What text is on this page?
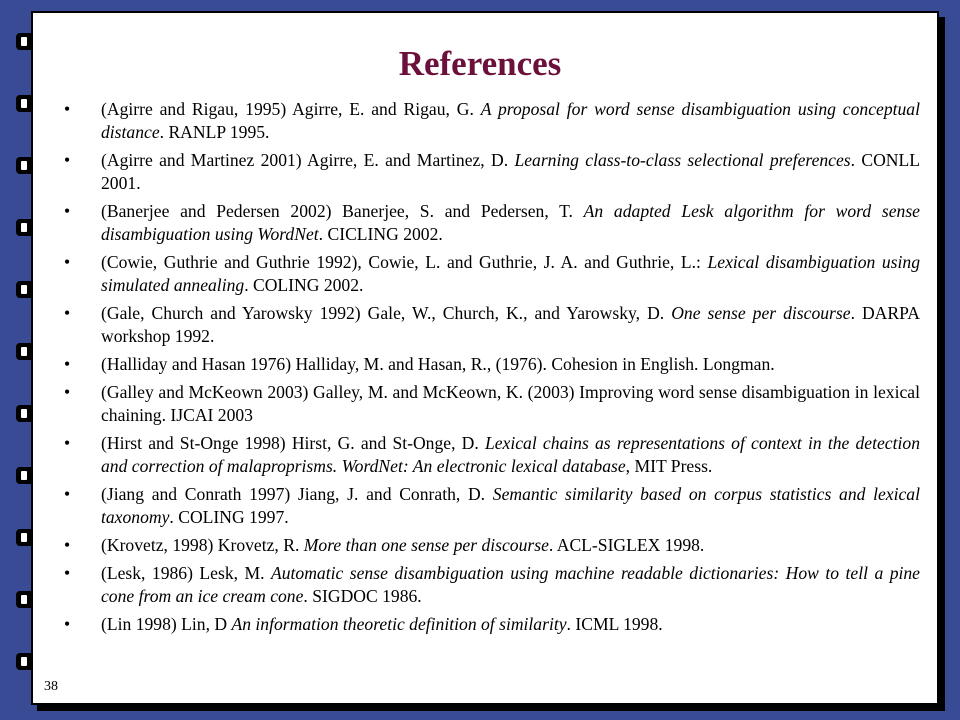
References
• (Agirre and Rigau, 1995) Agirre, E. and Rigau, G. A proposal for word sense disambiguation using conceptual distance. RANLP 1995.
• (Agirre and Martinez 2001) Agirre, E. and Martinez, D. Learning class-to-class selectional preferences. CONLL 2001.
• (Banerjee and Pedersen 2002) Banerjee, S. and Pedersen, T. An adapted Lesk algorithm for word sense disambiguation using WordNet. CICLING 2002.
• (Cowie, Guthrie and Guthrie 1992), Cowie, L. and Guthrie, J. A. and Guthrie, L.: Lexical disambiguation using simulated annealing. COLING 2002.
• (Gale, Church and Yarowsky 1992) Gale, W., Church, K., and Yarowsky, D. One sense per discourse. DARPA workshop 1992.
• (Halliday and Hasan 1976) Halliday, M. and Hasan, R., (1976). Cohesion in English. Longman.
• (Galley and McKeown 2003) Galley, M. and McKeown, K. (2003) Improving word sense disambiguation in lexical chaining. IJCAI 2003
• (Hirst and St-Onge 1998) Hirst, G. and St-Onge, D. Lexical chains as representations of context in the detection and correction of malaproprisms. WordNet: An electronic lexical database, MIT Press.
• (Jiang and Conrath 1997) Jiang, J. and Conrath, D. Semantic similarity based on corpus statistics and lexical taxonomy. COLING 1997.
• (Krovetz, 1998) Krovetz, R. More than one sense per discourse. ACL-SIGLEX 1998.
• (Lesk, 1986) Lesk, M. Automatic sense disambiguation using machine readable dictionaries: How to tell a pine cone from an ice cream cone. SIGDOC 1986.
• (Lin 1998) Lin, D An information theoretic definition of similarity. ICML 1998.
38
